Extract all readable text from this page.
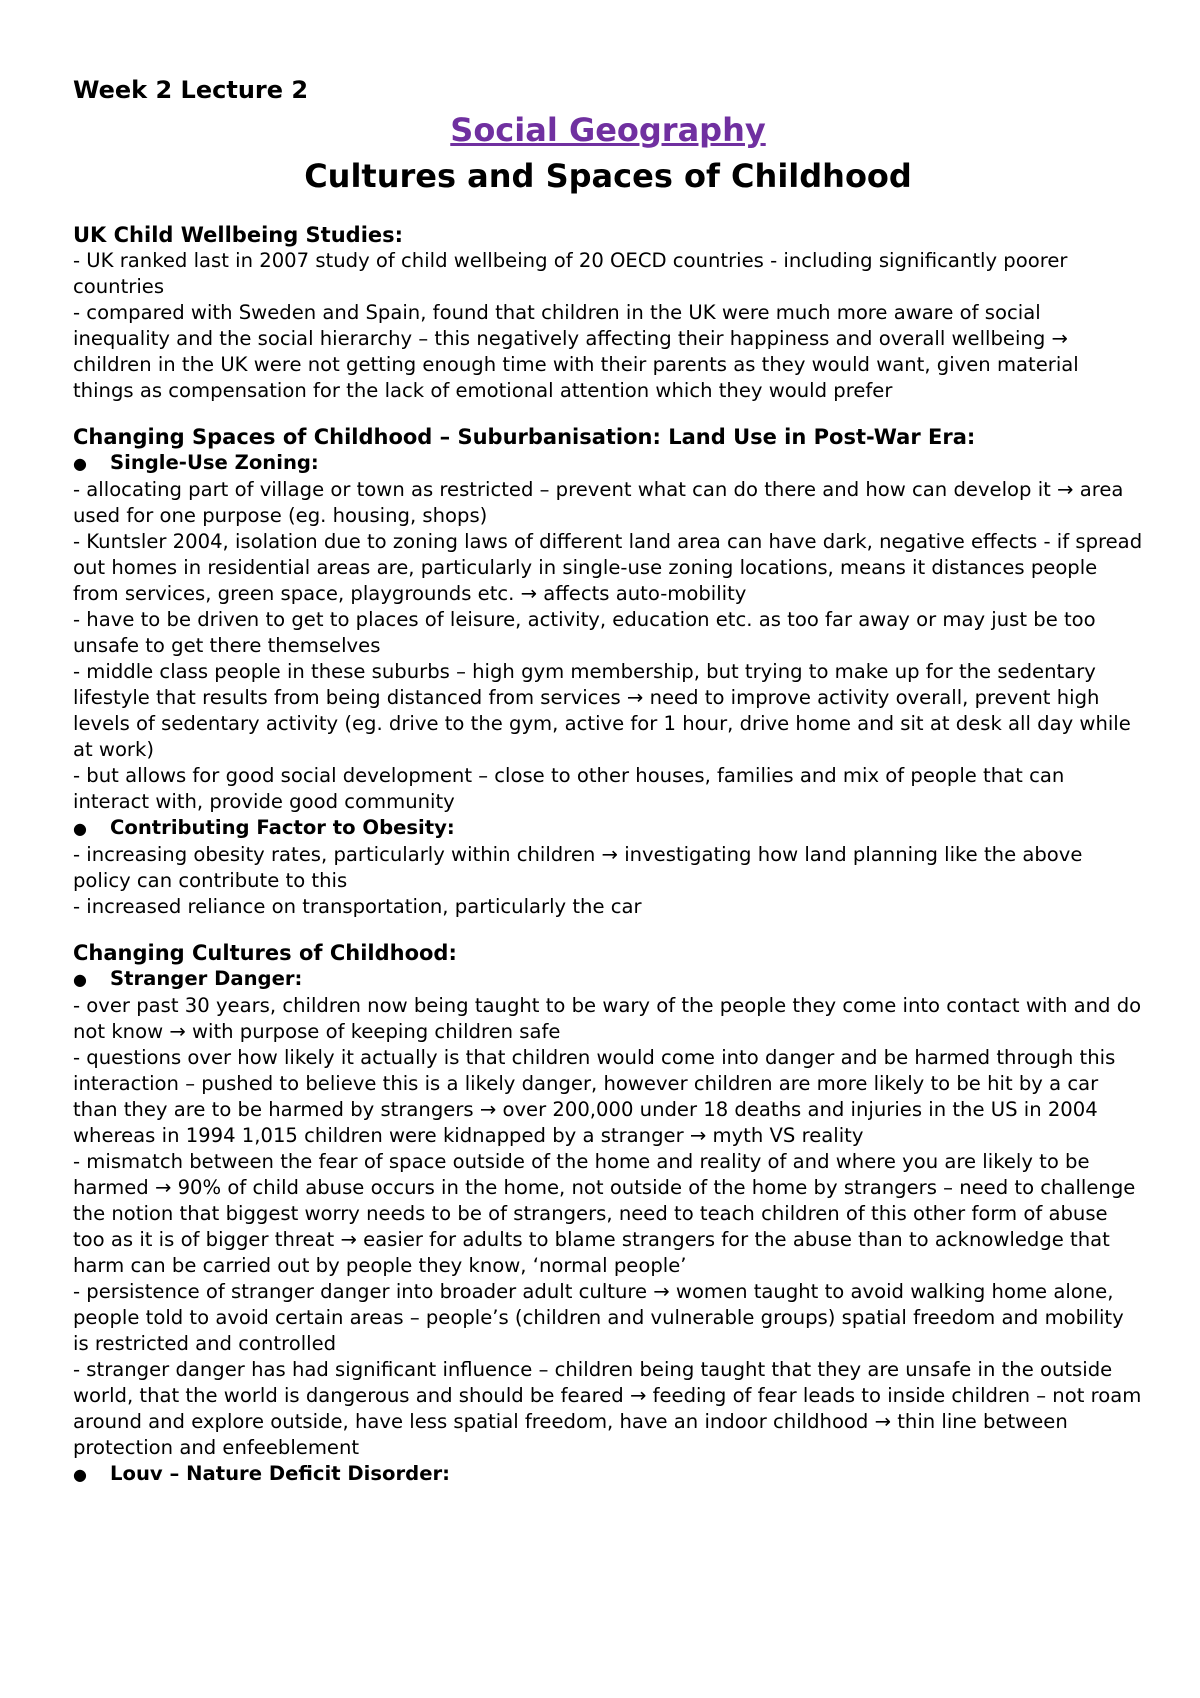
Week 2 Lecture 2

Social Geography

Cultures and Spaces of Childhood

UK Child Wellbeing Studies:

- UK ranked last in 2007 study of child wellbeing of 20 OECD countries - including significantly poorer countries

- compared with Sweden and Spain, found that children in the UK were much more aware of social inequality and the social hierarchy – this negatively affecting their happiness and overall wellbeing → children in the UK were not getting enough time with their parents as they would want, given material things as compensation for the lack of emotional attention which they would prefer

Changing Spaces of Childhood – Suburbanisation: Land Use in Post-War Era:

●	Single-Use Zoning:

- allocating part of village or town as restricted – prevent what can do there and how can develop it → area used for one purpose (eg. housing, shops)

- Kuntsler 2004, isolation due to zoning laws of different land area can have dark, negative effects - if spread out homes in residential areas are, particularly in single-use zoning locations, means it distances people from services, green space, playgrounds etc. → affects auto-mobility

- have to be driven to get to places of leisure, activity, education etc. as too far away or may just be too unsafe to get there themselves

- middle class people in these suburbs – high gym membership, but trying to make up for the sedentary lifestyle that results from being distanced from services → need to improve activity overall, prevent high levels of sedentary activity (eg. drive to the gym, active for 1 hour, drive home and sit at desk all day while at work)

- but allows for good social development – close to other houses, families and mix of people that can interact with, provide good community

●	Contributing Factor to Obesity:

- increasing obesity rates, particularly within children → investigating how land planning like the above policy can contribute to this

- increased reliance on transportation, particularly the car

Changing Cultures of Childhood:

●	Stranger Danger:

- over past 30 years, children now being taught to be wary of the people they come into contact with and do not know → with purpose of keeping children safe

- questions over how likely it actually is that children would come into danger and be harmed through this interaction – pushed to believe this is a likely danger, however children are more likely to be hit by a car than they are to be harmed by strangers → over 200,000 under 18 deaths and injuries in the US in 2004 whereas in 1994 1,015 children were kidnapped by a stranger → myth VS reality

- mismatch between the fear of space outside of the home and reality of and where you are likely to be harmed → 90% of child abuse occurs in the home, not outside of the home by strangers – need to challenge the notion that biggest worry needs to be of strangers, need to teach children of this other form of abuse too as it is of bigger threat → easier for adults to blame strangers for the abuse than to acknowledge that harm can be carried out by people they know, ‘normal people’

- persistence of stranger danger into broader adult culture → women taught to avoid walking home alone, people told to avoid certain areas – people’s (children and vulnerable groups) spatial freedom and mobility is restricted and controlled

- stranger danger has had significant influence – children being taught that they are unsafe in the outside world, that the world is dangerous and should be feared → feeding of fear leads to inside children – not roam around and explore outside, have less spatial freedom, have an indoor childhood → thin line between protection and enfeeblement

●	Louv – Nature Deficit Disorder:
